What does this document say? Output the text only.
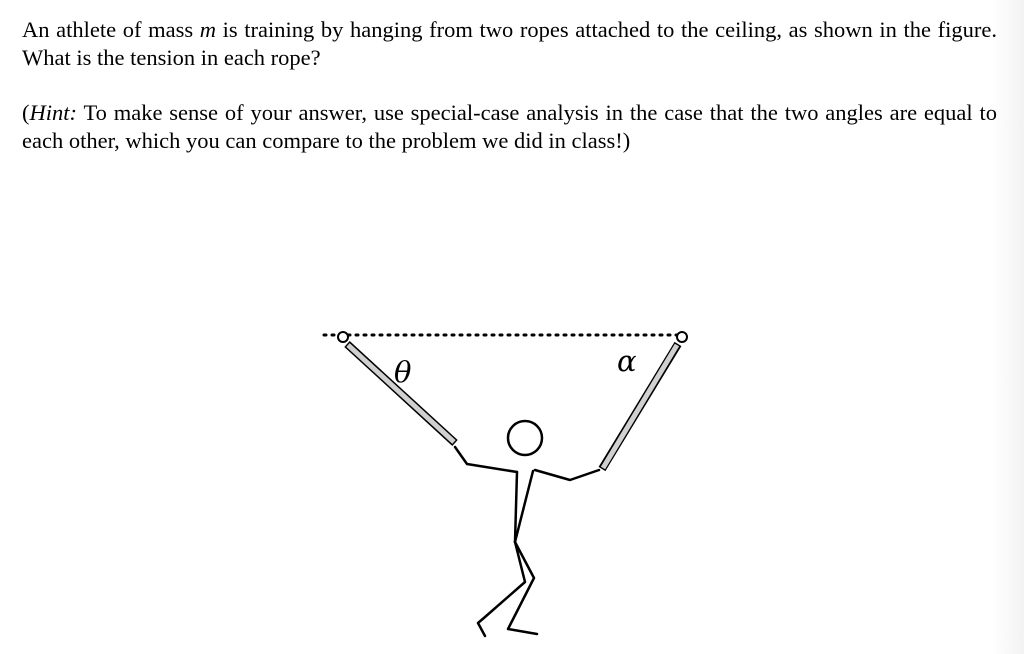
An athlete of mass m is training by hanging from two ropes attached to the ceiling, as shown in the figure. What is the tension in each rope?

(Hint: To make sense of your answer, use special-case analysis in the case that the two angles are equal to each other, which you can compare to the problem we did in class!)

θ	α
